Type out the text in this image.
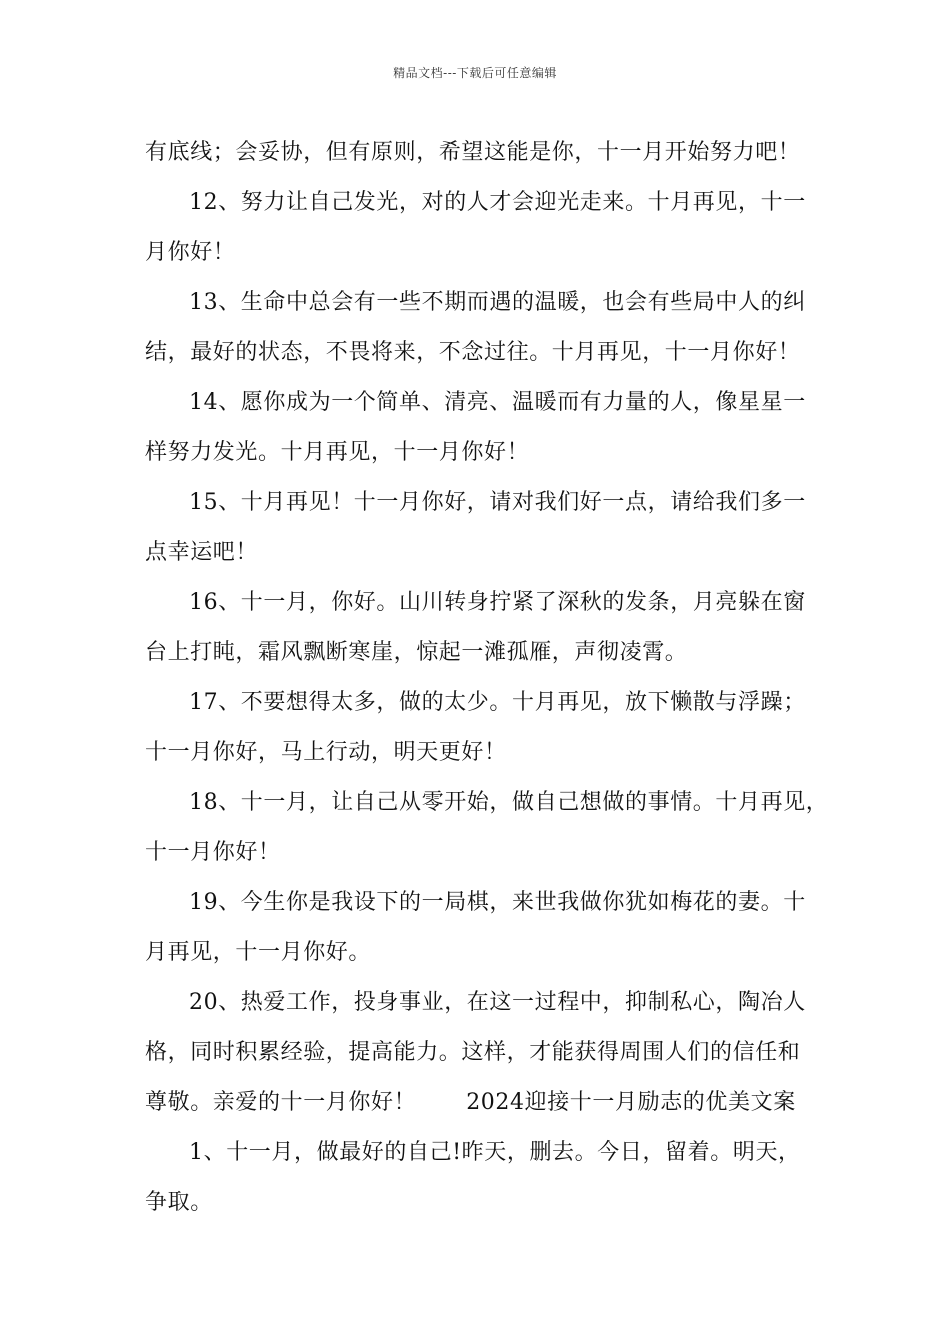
精品文档---下载后可任意编辑
有底线；会妥协，但有原则，希望这能是你，十一月开始努力吧！
12、努力让自己发光，对的人才会迎光走来。十月再见，十一
月你好！
13、生命中总会有一些不期而遇的温暖，也会有些局中人的纠
结，最好的状态，不畏将来，不念过往。十月再见，十一月你好！
14、愿你成为一个简单、清亮、温暖而有力量的人，像星星一
样努力发光。十月再见，十一月你好！
15、十月再见！十一月你好，请对我们好一点，请给我们多一
点幸运吧！
16、十一月，你好。山川转身拧紧了深秋的发条，月亮躲在窗
台上打盹，霜风飘断寒崖，惊起一滩孤雁，声彻凌霄。
17、不要想得太多，做的太少。十月再见，放下懒散与浮躁；
十一月你好，马上行动，明天更好！
18、十一月，让自己从零开始，做自己想做的事情。十月再见，
十一月你好！
19、今生你是我设下的一局棋，来世我做你犹如梅花的妻。十
月再见，十一月你好。
20、热爱工作，投身事业，在这一过程中，抑制私心，陶冶人
格，同时积累经验，提高能力。这样，才能获得周围人们的信任和
尊敬。亲爱的十一月你好！ 2024迎接十一月励志的优美文案
1、十一月，做最好的自己!昨天，删去。今日，留着。明天，
争取。
